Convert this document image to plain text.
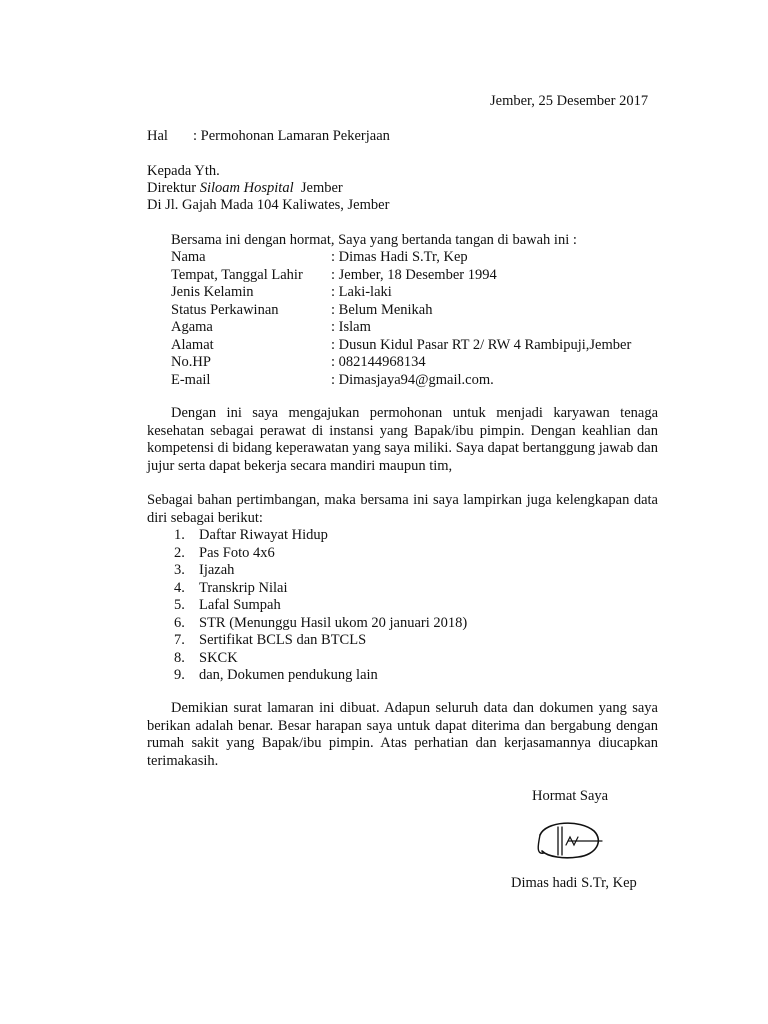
Jember, 25 Desember 2017
Hal : Permohonan Lamaran Pekerjaan
Kepada Yth.
Direktur Siloam Hospital Jember
Di Jl. Gajah Mada 104 Kaliwates, Jember
Bersama ini dengan hormat, Saya yang bertanda tangan di bawah ini :
Nama	: Dimas Hadi S.Tr, Kep
Tempat, Tanggal Lahir : Jember, 18 Desember 1994
Jenis Kelamin	: Laki-laki
Status Perkawinan	: Belum Menikah
Agama	: Islam
Alamat	: Dusun Kidul Pasar RT 2/ RW 4 Rambipuji,Jember
No.HP	: 082144968134
E-mail	: Dimasjaya94@gmail.com.

Dengan ini saya mengajukan permohonan untuk menjadi karyawan tenaga kesehatan sebagai perawat di instansi yang Bapak/ibu pimpin. Dengan keahlian dan kompetensi di bidang keperawatan yang saya miliki. Saya dapat bertanggung jawab dan jujur serta dapat bekerja secara mandiri maupun tim,

Sebagai bahan pertimbangan, maka bersama ini saya lampirkan juga kelengkapan data diri sebagai berikut:

1. Daftar Riwayat Hidup
2. Pas Foto 4x6
3. Ijazah
4. Transkrip Nilai
5. Lafal Sumpah
6. STR (Menunggu Hasil ukom 20 januari 2018)
7. Sertifikat BCLS dan BTCLS
8. SKCK
9. dan, Dokumen pendukung lain

Demikian surat lamaran ini dibuat. Adapun seluruh data dan dokumen yang saya berikan adalah benar. Besar harapan saya untuk dapat diterima dan bergabung dengan rumah sakit yang Bapak/ibu pimpin. Atas perhatian dan kerjasamannya diucapkan terimakasih.

Hormat Saya
Dimas hadi S.Tr, Kep
